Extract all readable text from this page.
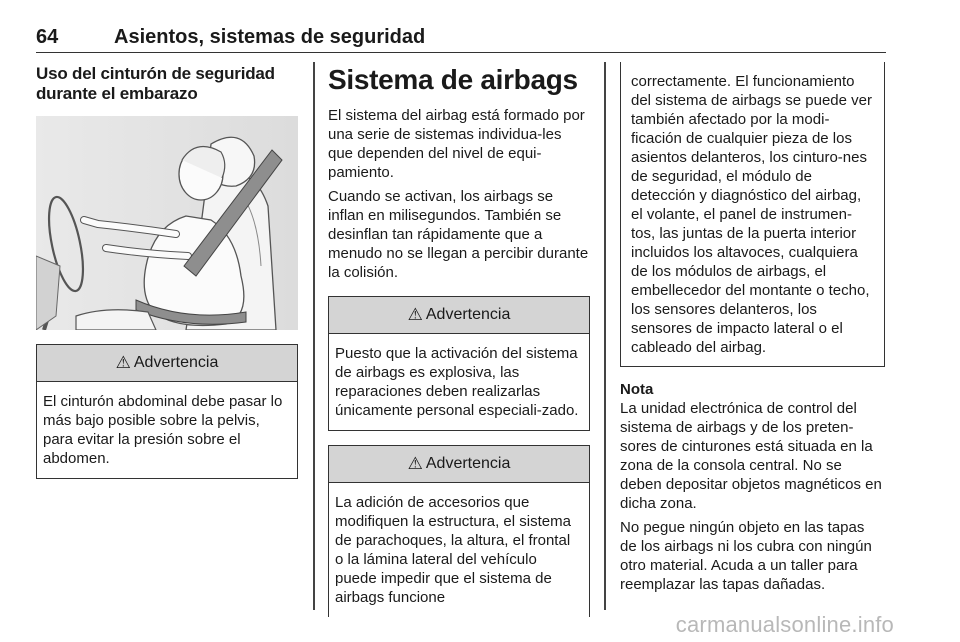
64	Asientos, sistemas de seguridad
Uso del cinturón de seguridad durante el embarazo
⚠ Advertencia
El cinturón abdominal debe pasar lo más bajo posible sobre la pelvis, para evitar la presión sobre el abdomen.
Sistema de airbags

El sistema del airbag está formado por una serie de sistemas individua-les que dependen del nivel de equi-pamiento.

Cuando se activan, los airbags se inflan en milisegundos. También se desinflan tan rápidamente que a menudo no se llegan a percibir durante la colisión.

⚠ Advertencia
Puesto que la activación del sistema de airbags es explosiva, las reparaciones deben realizarlas únicamente personal especiali-zado.
⚠ Advertencia
La adición de accesorios que modifiquen la estructura, el sistema de parachoques, la altura, el frontal o la lámina lateral del vehículo puede impedir que el sistema de airbags funcione
correctamente. El funcionamiento del sistema de airbags se puede ver también afectado por la modi-ficación de cualquier pieza de los asientos delanteros, los cinturo-nes de seguridad, el módulo de detección y diagnóstico del airbag, el volante, el panel de instrumen-tos, las juntas de la puerta interior incluidos los altavoces, cualquiera de los módulos de airbags, el embellecedor del montante o techo, los sensores delanteros, los sensores de impacto lateral o el cableado del airbag.
Nota

La unidad electrónica de control del sistema de airbags y de los preten-sores de cinturones está situada en la zona de la consola central. No se deben depositar objetos magnéticos en dicha zona.

No pegue ningún objeto en las tapas de los airbags ni los cubra con ningún otro material. Acuda a un taller para reemplazar las tapas dañadas.

carmanualsonline.info
